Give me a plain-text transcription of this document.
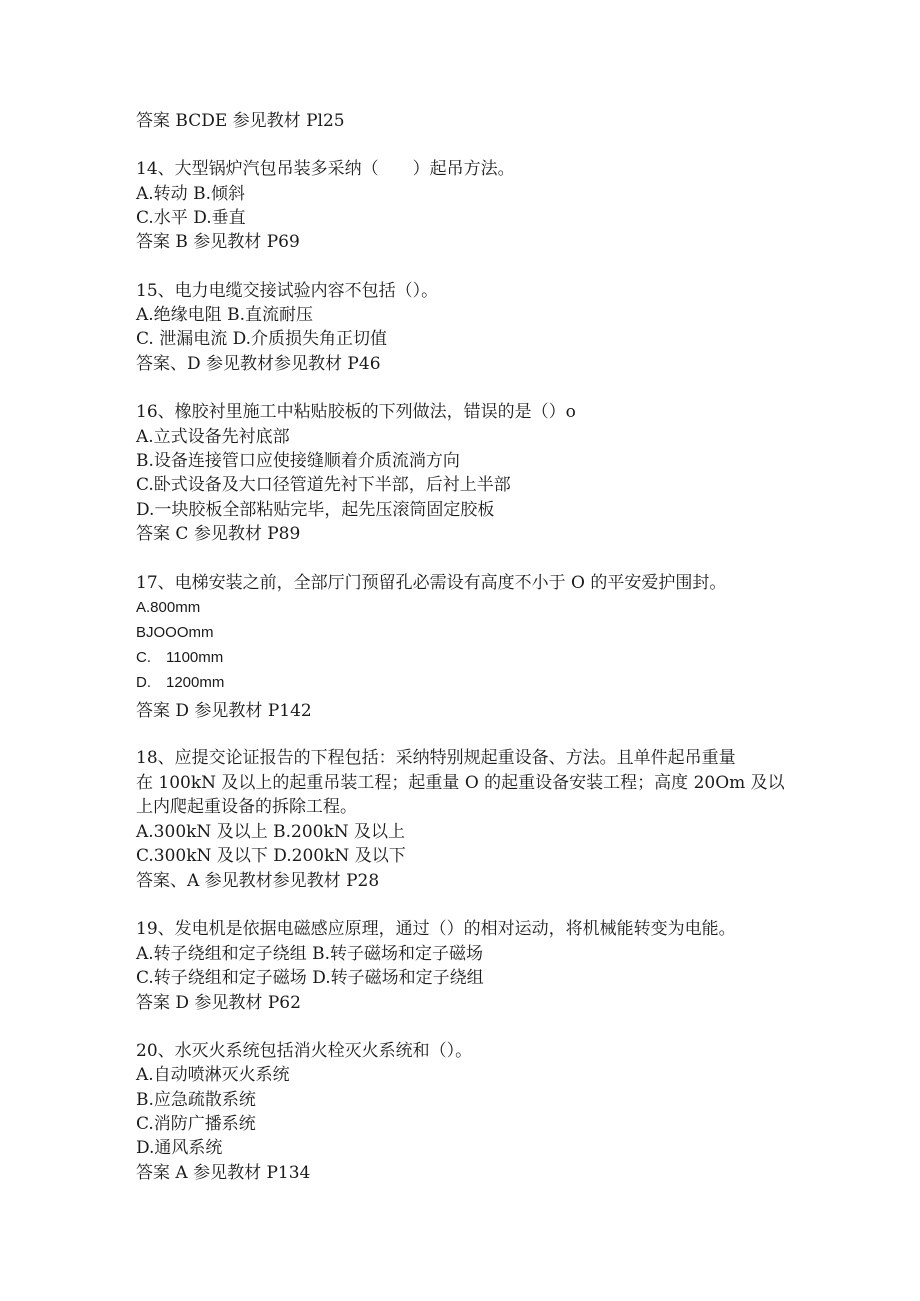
答案 BCDE 参见教材 Pl25
14、大型锅炉汽包吊装多采纳（　　）起吊方法。
A.转动 B.倾斜
C.水平 D.垂直
答案 B 参见教材 P69
15、电力电缆交接试验内容不包括（）。
A.绝缘电阻 B.直流耐压
C. 泄漏电流 D.介质损失角正切值
答案、D 参见教材参见教材 P46
16、橡胶衬里施工中粘贴胶板的下列做法，错误的是（）o
A.立式设备先衬底部
B.设备连接管口应使接缝顺着介质流淌方向
C.卧式设备及大口径管道先衬下半部，后衬上半部
D.一块胶板全部粘贴完毕，起先压滚筒固定胶板
答案 C 参见教材 P89
17、电梯安装之前，全部厅门预留孔必需设有高度不小于 O 的平安爱护围封。
A.800mm
BJOOOmm
C.　1100mm
D.　1200mm
答案 D 参见教材 P142
18、应提交论证报告的下程包括：采纳特别规起重设备、方法。且单件起吊重量
在 100kN 及以上的起重吊装工程；起重量 O 的起重设备安装工程；高度 20Om 及以
上内爬起重设备的拆除工程。
A.300kN 及以上 B.200kN 及以上
C.300kN 及以下 D.200kN 及以下
答案、A 参见教材参见教材 P28
19、发电机是依据电磁感应原理，通过（）的相对运动，将机械能转变为电能。
A.转子绕组和定子绕组 B.转子磁场和定子磁场
C.转子绕组和定子磁场 D.转子磁场和定子绕组
答案 D 参见教材 P62
20、水灭火系统包括消火栓灭火系统和（）。
A.自动喷淋灭火系统
B.应急疏散系统
C.消防广播系统
D.通风系统
答案 A 参见教材 P134
